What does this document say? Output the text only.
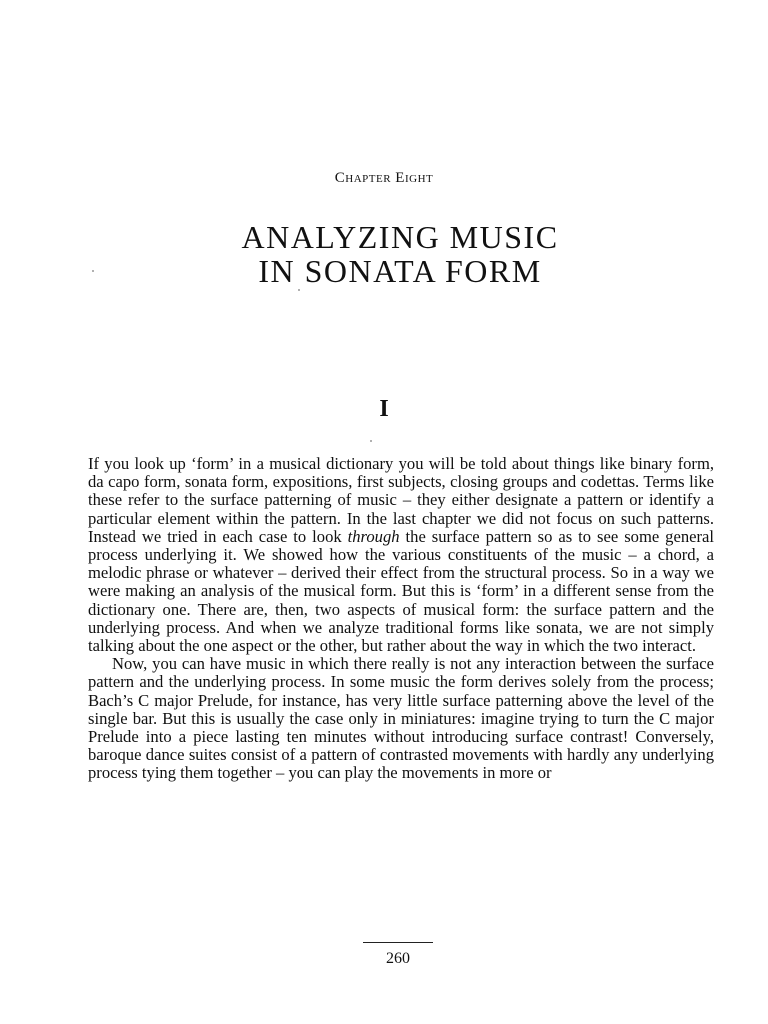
Chapter Eight
ANALYZING MUSIC
IN SONATA FORM
I

If you look up ‘form’ in a musical dictionary you will be told about things like binary form, da capo form, sonata form, expositions, first subjects, closing groups and codettas. Terms like these refer to the surface patterning of music – they either designate a pattern or identify a particular element within the pattern. In the last chapter we did not focus on such patterns. Instead we tried in each case to look through the surface pattern so as to see some general process underlying it. We showed how the various constituents of the music – a chord, a melodic phrase or whatever – derived their effect from the structural process. So in a way we were making an analysis of the musical form. But this is ‘form’ in a different sense from the dictionary one. There are, then, two aspects of musical form: the surface pattern and the underlying process. And when we analyze traditional forms like sonata, we are not simply talking about the one aspect or the other, but rather about the way in which the two interact.

Now, you can have music in which there really is not any interaction between the surface pattern and the underlying process. In some music the form derives solely from the process; Bach’s C major Prelude, for instance, has very little surface patterning above the level of the single bar. But this is usually the case only in miniatures: imagine trying to turn the C major Prelude into a piece lasting ten minutes without introducing surface contrast! Conversely, baroque dance suites consist of a pattern of contrasted movements with hardly any underlying process tying them together – you can play the movements in more or

260
